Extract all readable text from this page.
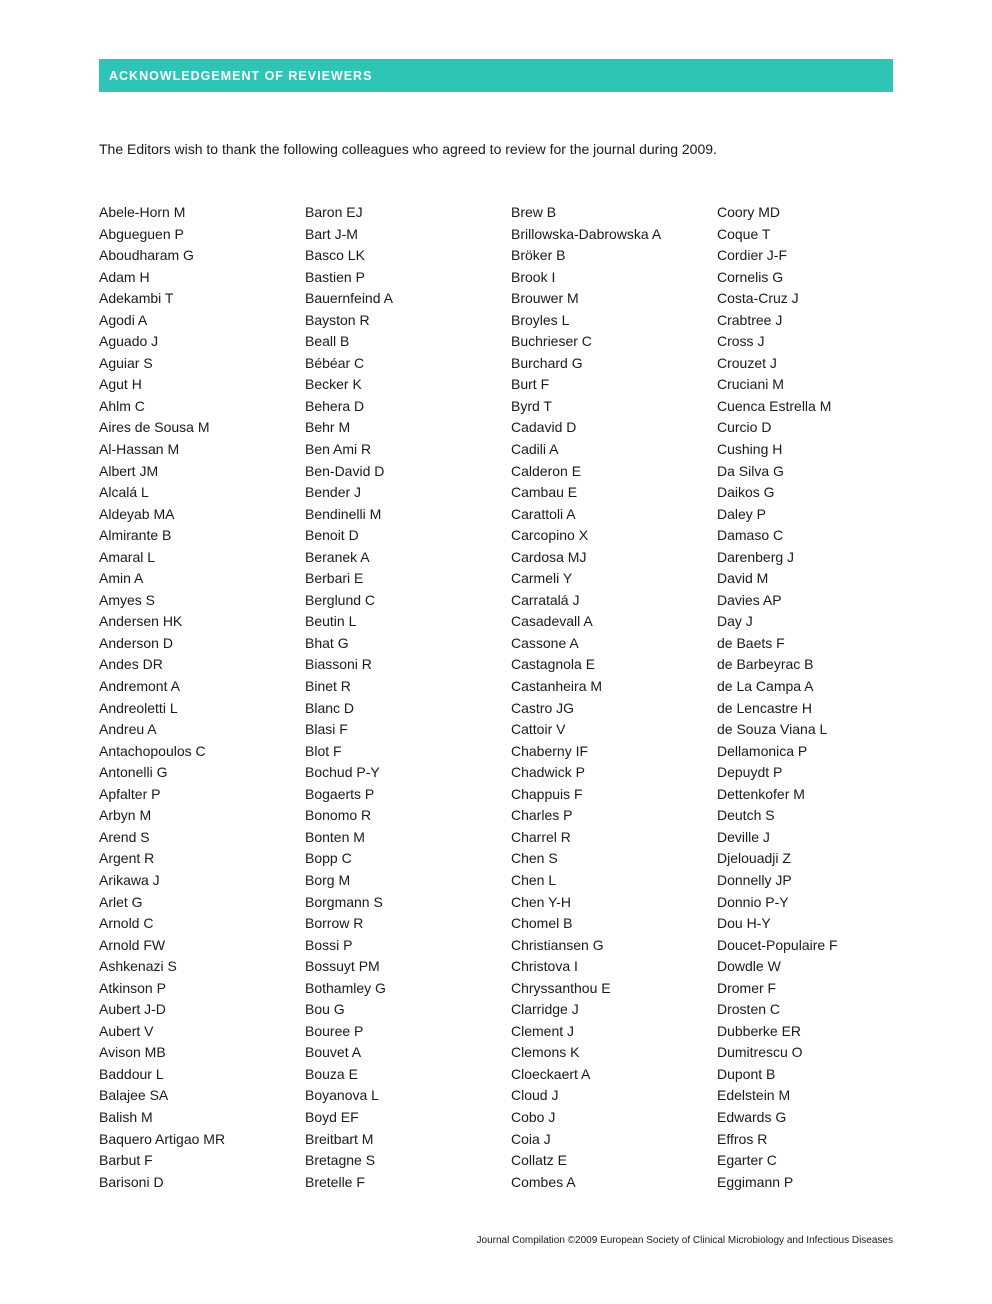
ACKNOWLEDGEMENT OF REVIEWERS
The Editors wish to thank the following colleagues who agreed to review for the journal during 2009.
Abele-Horn M
Abgueguen P
Aboudharam G
Adam H
Adekambi T
Agodi A
Aguado J
Aguiar S
Agut H
Ahlm C
Aires de Sousa M
Al-Hassan M
Albert JM
Alcalá L
Aldeyab MA
Almirante B
Amaral L
Amin A
Amyes S
Andersen HK
Anderson D
Andes DR
Andremont A
Andreoletti L
Andreu A
Antachopoulos C
Antonelli G
Apfalter P
Arbyn M
Arend S
Argent R
Arikawa J
Arlet G
Arnold C
Arnold FW
Ashkenazi S
Atkinson P
Aubert J-D
Aubert V
Avison MB
Baddour L
Balajee SA
Balish M
Baquero Artigao MR
Barbut F
Barisoni D
Baron EJ
Bart J-M
Basco LK
Bastien P
Bauernfeind A
Bayston R
Beall B
Bébéar C
Becker K
Behera D
Behr M
Ben Ami R
Ben-David D
Bender J
Bendinelli M
Benoit D
Beranek A
Berbari E
Berglund C
Beutin L
Bhat G
Biassoni R
Binet R
Blanc D
Blasi F
Blot F
Bochud P-Y
Bogaerts P
Bonomo R
Bonten M
Bopp C
Borg M
Borgmann S
Borrow R
Bossi P
Bossuyt PM
Bothamley G
Bou G
Bouree P
Bouvet A
Bouza E
Boyanova L
Boyd EF
Breitbart M
Bretagne S
Bretelle F
Brew B
Brillowska-Dabrowska A
Bröker B
Brook I
Brouwer M
Broyles L
Buchrieser C
Burchard G
Burt F
Byrd T
Cadavid D
Cadili A
Calderon E
Cambau E
Carattoli A
Carcopino X
Cardosa MJ
Carmeli Y
Carratalá J
Casadevall A
Cassone A
Castagnola E
Castanheira M
Castro JG
Cattoir V
Chaberny IF
Chadwick P
Chappuis F
Charles P
Charrel R
Chen S
Chen L
Chen Y-H
Chomel B
Christiansen G
Christova I
Chryssanthou E
Clarridge J
Clement J
Clemons K
Cloeckaert A
Cloud J
Cobo J
Coia J
Collatz E
Combes A
Coory MD
Coque T
Cordier J-F
Cornelis G
Costa-Cruz J
Crabtree J
Cross J
Crouzet J
Cruciani M
Cuenca Estrella M
Curcio D
Cushing H
Da Silva G
Daikos G
Daley P
Damaso C
Darenberg J
David M
Davies AP
Day J
de Baets F
de Barbeyrac B
de La Campa A
de Lencastre H
de Souza Viana L
Dellamonica P
Depuydt P
Dettenkofer M
Deutch S
Deville J
Djelouadji Z
Donnelly JP
Donnio P-Y
Dou H-Y
Doucet-Populaire F
Dowdle W
Dromer F
Drosten C
Dubberke ER
Dumitrescu O
Dupont B
Edelstein M
Edwards G
Effros R
Egarter C
Eggimann P
Journal Compilation ©2009 European Society of Clinical Microbiology and Infectious Diseases
